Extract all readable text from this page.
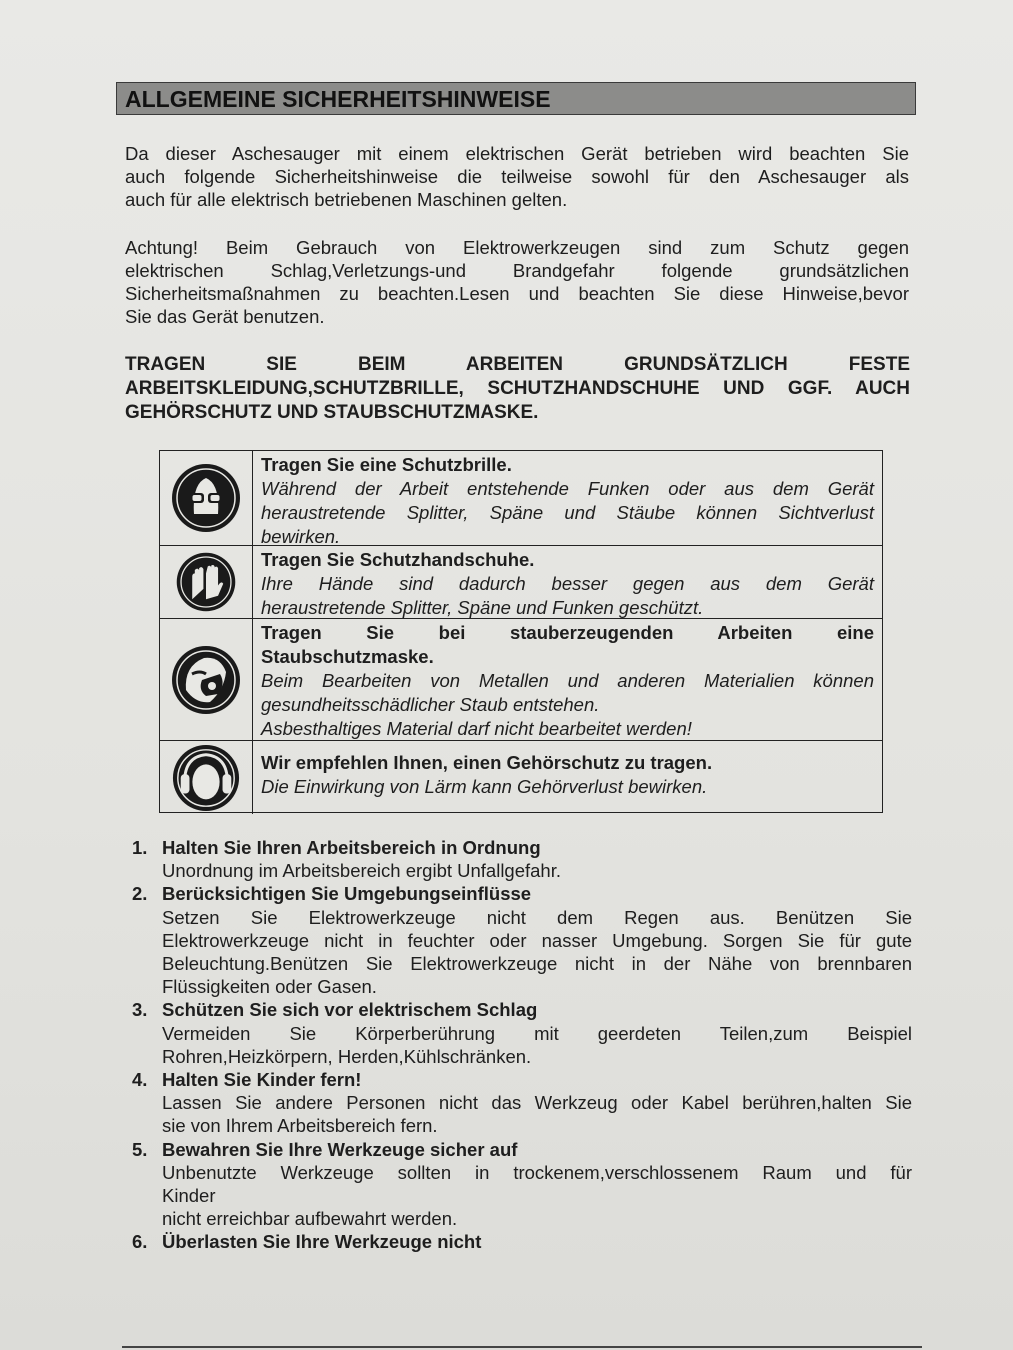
ALLGEMEINE SICHERHEITSHINWEISE
Da dieser Aschesauger mit einem elektrischen Gerät betrieben wird beachten Sie
auch folgende Sicherheitshinweise die teilweise sowohl für den Aschesauger als
auch für alle elektrisch betriebenen Maschinen gelten.
Achtung! Beim Gebrauch von Elektrowerkzeugen sind zum Schutz gegen
elektrischen Schlag,Verletzungs-und Brandgefahr folgende grundsätzlichen
Sicherheitsmaßnahmen zu beachten.Lesen und beachten Sie diese Hinweise,bevor
Sie das Gerät benutzen.
TRAGEN SIE BEIM ARBEITEN GRUNDSÄTZLICH FESTE
ARBEITSKLEIDUNG,SCHUTZBRILLE, SCHUTZHANDSCHUHE UND GGF. AUCH
GEHÖRSCHUTZ UND STAUBSCHUTZMASKE.
Tragen Sie eine Schutzbrille.
Während der Arbeit entstehende Funken oder aus dem Gerät
heraustretende Splitter, Späne und Stäube können Sichtverlust
bewirken.
Tragen Sie Schutzhandschuhe.
Ihre Hände sind dadurch besser gegen aus dem Gerät
heraustretende Splitter, Späne und Funken geschützt.
Tragen Sie bei stauberzeugenden Arbeiten eine
Staubschutzmaske.
Beim Bearbeiten von Metallen und anderen Materialien können
gesundheitsschädlicher Staub entstehen.
Asbesthaltiges Material darf nicht bearbeitet werden!
Wir empfehlen Ihnen, einen Gehörschutz zu tragen.
Die Einwirkung von Lärm kann Gehörverlust bewirken.
1. Halten Sie Ihren Arbeitsbereich in Ordnung
Unordnung im Arbeitsbereich ergibt Unfallgefahr.
2. Berücksichtigen Sie Umgebungseinflüsse
Setzen Sie Elektrowerkzeuge nicht dem Regen aus. Benützen Sie
Elektrowerkzeuge nicht in feuchter oder nasser Umgebung. Sorgen Sie für gute
Beleuchtung.Benützen Sie Elektrowerkzeuge nicht in der Nähe von brennbaren
Flüssigkeiten oder Gasen.
3. Schützen Sie sich vor elektrischem Schlag
Vermeiden Sie Körperberührung mit geerdeten Teilen,zum Beispiel
Rohren,Heizkörpern, Herden,Kühlschränken.
4. Halten Sie Kinder fern!
Lassen Sie andere Personen nicht das Werkzeug oder Kabel berühren,halten Sie
sie von Ihrem Arbeitsbereich fern.
5. Bewahren Sie Ihre Werkzeuge sicher auf
Unbenutzte Werkzeuge sollten in trockenem,verschlossenem Raum und für
Kinder
nicht erreichbar aufbewahrt werden.
6. Überlasten Sie Ihre Werkzeuge nicht
